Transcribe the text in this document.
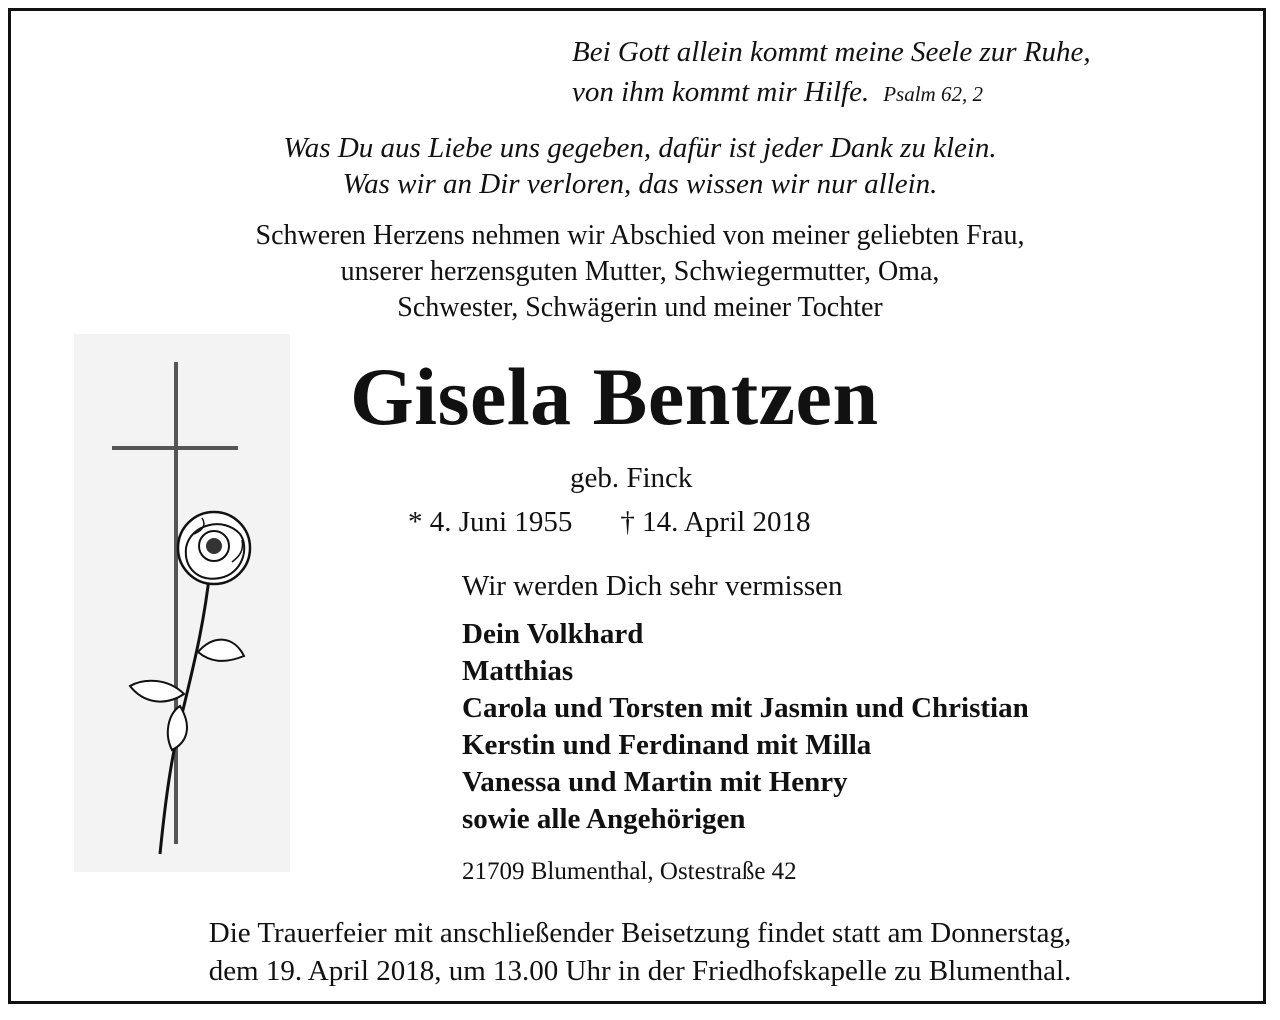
Bei Gott allein kommt meine Seele zur Ruhe,
von ihm kommt mir Hilfe. Psalm 62, 2
Was Du aus Liebe uns gegeben, dafür ist jeder Dank zu klein.
Was wir an Dir verloren, das wissen wir nur allein.
Schweren Herzens nehmen wir Abschied von meiner geliebten Frau,
unserer herzensguten Mutter, Schwiegermutter, Oma,
Schwester, Schwägerin und meiner Tochter
Gisela Bentzen
geb. Finck
* 4. Juni 1955 † 14. April 2018
Wir werden Dich sehr vermissen
Dein Volkhard
Matthias
Carola und Torsten mit Jasmin und Christian
Kerstin und Ferdinand mit Milla
Vanessa und Martin mit Henry
sowie alle Angehörigen
21709 Blumenthal, Ostestraße 42
Die Trauerfeier mit anschließender Beisetzung findet statt am Donnerstag,
dem 19. April 2018, um 13.00 Uhr in der Friedhofskapelle zu Blumenthal.
